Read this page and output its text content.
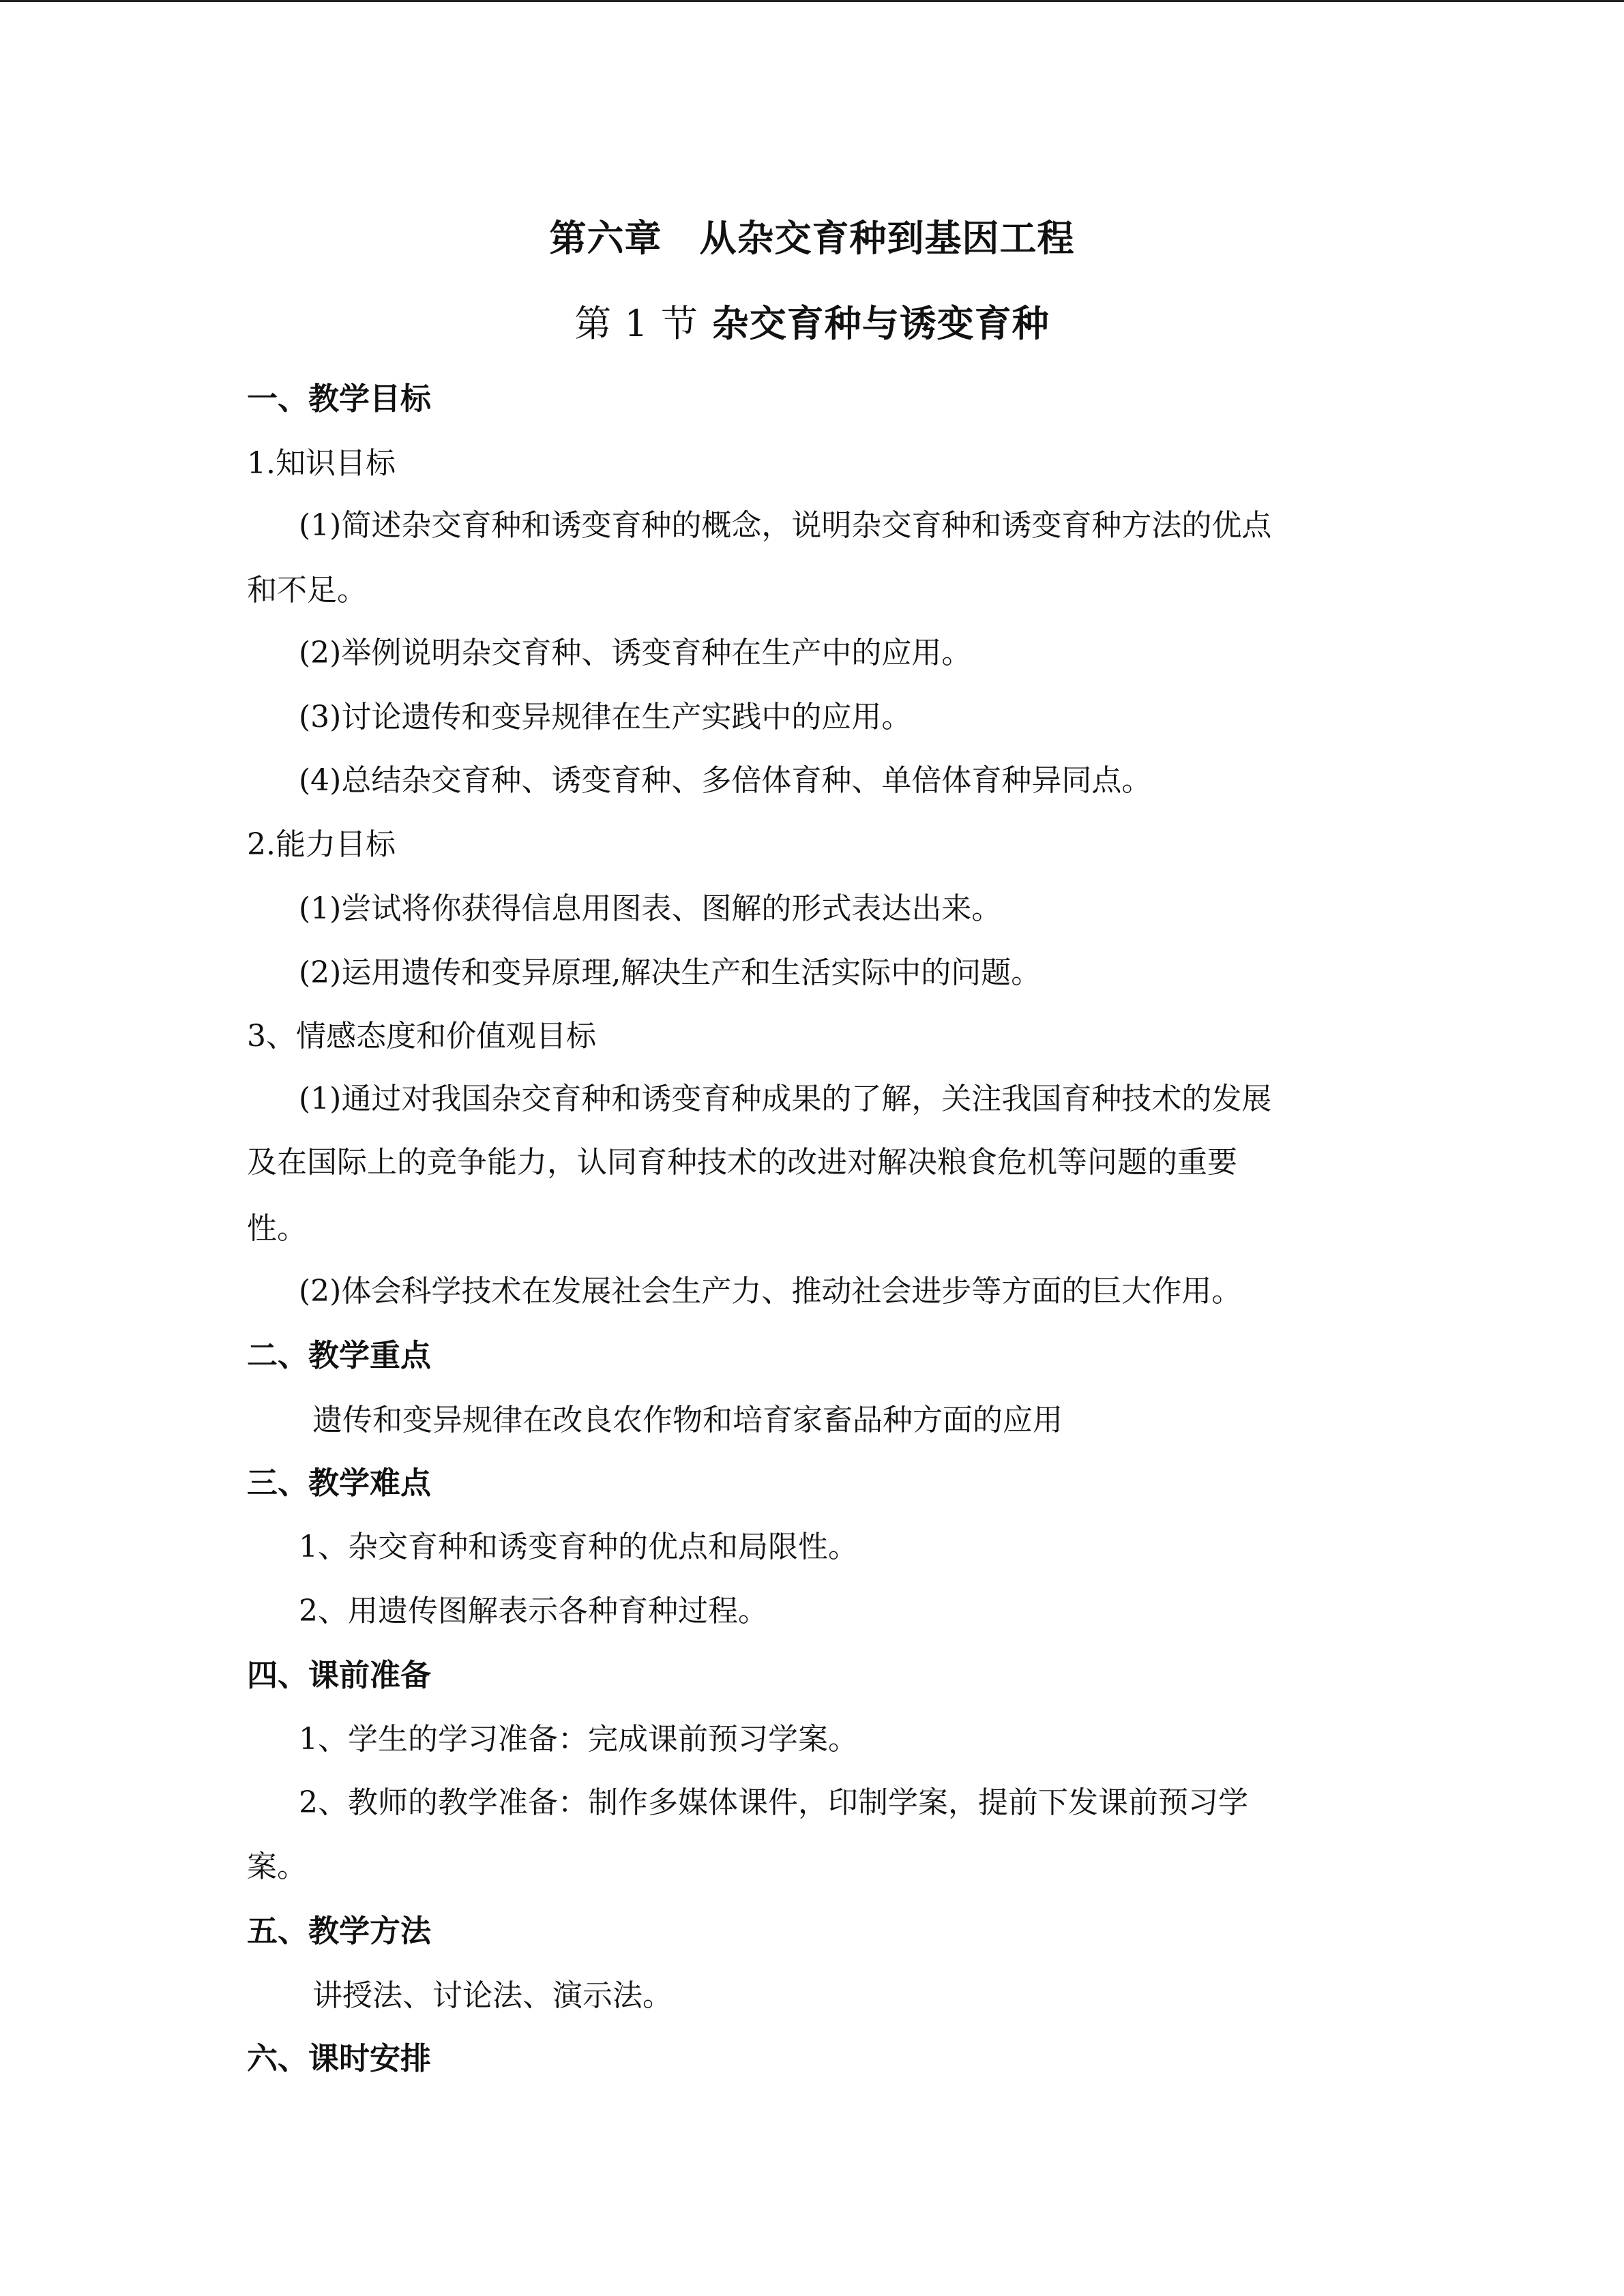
第六章　从杂交育种到基因工程
第 1 节 杂交育种与诱变育种
一、教学目标
1.知识目标
(1)简述杂交育种和诱变育种的概念，说明杂交育种和诱变育种方法的优点
和不足。
(2)举例说明杂交育种、诱变育种在生产中的应用。
(3)讨论遗传和变异规律在生产实践中的应用。
(4)总结杂交育种、诱变育种、多倍体育种、单倍体育种异同点。
2.能力目标
(1)尝试将你获得信息用图表、图解的形式表达出来。
(2)运用遗传和变异原理,解决生产和生活实际中的问题。
3、情感态度和价值观目标
(1)通过对我国杂交育种和诱变育种成果的了解，关注我国育种技术的发展
及在国际上的竞争能力，认同育种技术的改进对解决粮食危机等问题的重要
性。
(2)体会科学技术在发展社会生产力、推动社会进步等方面的巨大作用。
二、教学重点
遗传和变异规律在改良农作物和培育家畜品种方面的应用
三、教学难点
1、杂交育种和诱变育种的优点和局限性。
2、用遗传图解表示各种育种过程。
四、课前准备
1、学生的学习准备：完成课前预习学案。
2、教师的教学准备：制作多媒体课件，印制学案，提前下发课前预习学
案。
五、教学方法
讲授法、讨论法、演示法。
六、课时安排
